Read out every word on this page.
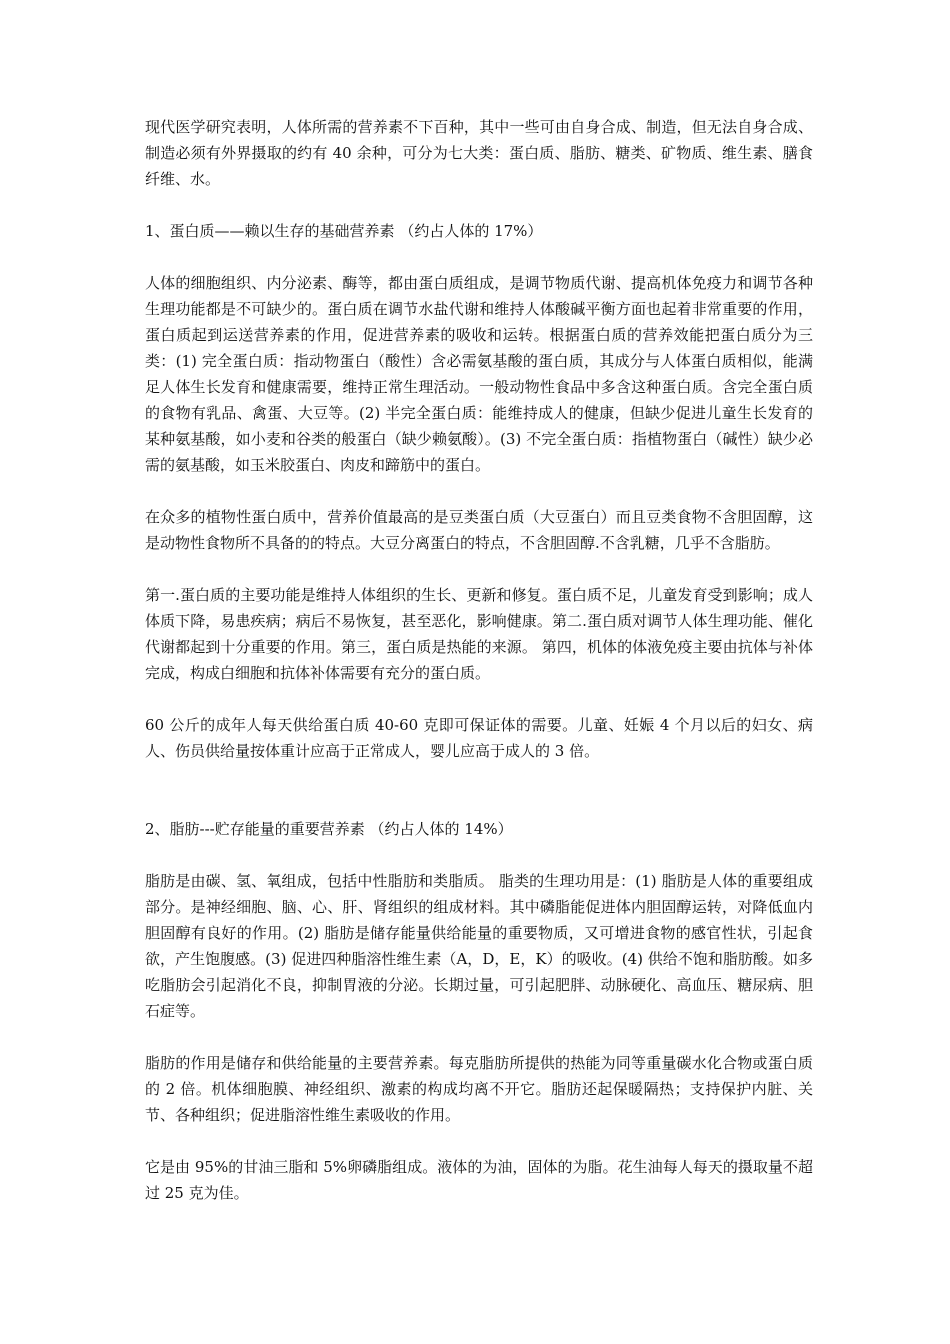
现代医学研究表明，人体所需的营养素不下百种，其中一些可由自身合成、制造，但无法自身合成、制造必须有外界摄取的约有 40 余种，可分为七大类：蛋白质、脂肪、糖类、矿物质、维生素、膳食纤维、水。

1、蛋白质——赖以生存的基础营养素 （约占人体的 17%）

人体的细胞组织、内分泌素、酶等，都由蛋白质组成，是调节物质代谢、提高机体免疫力和调节各种生理功能都是不可缺少的。蛋白质在调节水盐代谢和维持人体酸碱平衡方面也起着非常重要的作用，蛋白质起到运送营养素的作用，促进营养素的吸收和运转。根据蛋白质的营养效能把蛋白质分为三类：(1) 完全蛋白质：指动物蛋白（酸性）含必需氨基酸的蛋白质，其成分与人体蛋白质相似，能满足人体生长发育和健康需要，维持正常生理活动。一般动物性食品中多含这种蛋白质。含完全蛋白质的食物有乳品、禽蛋、大豆等。(2) 半完全蛋白质：能维持成人的健康，但缺少促进儿童生长发育的某种氨基酸，如小麦和谷类的般蛋白（缺少赖氨酸）。(3) 不完全蛋白质：指植物蛋白（碱性）缺少必需的氨基酸，如玉米胶蛋白、肉皮和蹄筋中的蛋白。

在众多的植物性蛋白质中，营养价值最高的是豆类蛋白质（大豆蛋白）而且豆类食物不含胆固醇，这是动物性食物所不具备的的特点。大豆分离蛋白的特点，不含胆固醇.不含乳糖，几乎不含脂肪。

第一.蛋白质的主要功能是维持人体组织的生长、更新和修复。蛋白质不足，儿童发育受到影响；成人体质下降，易患疾病；病后不易恢复，甚至恶化，影响健康。第二.蛋白质对调节人体生理功能、催化代谢都起到十分重要的作用。第三，蛋白质是热能的来源。 第四，机体的体液免疫主要由抗体与补体完成，构成白细胞和抗体补体需要有充分的蛋白质。

60 公斤的成年人每天供给蛋白质 40-60 克即可保证体的需要。儿童、妊娠 4 个月以后的妇女、病人、伤员供给量按体重计应高于正常成人，婴儿应高于成人的 3 倍。

2、脂肪---贮存能量的重要营养素 （约占人体的 14%）

脂肪是由碳、氢、氧组成，包括中性脂肪和类脂质。 脂类的生理功用是：(1) 脂肪是人体的重要组成部分。是神经细胞、脑、心、肝、肾组织的组成材料。其中磷脂能促进体内胆固醇运转，对降低血内胆固醇有良好的作用。(2) 脂肪是储存能量供给能量的重要物质，又可增进食物的感官性状，引起食欲，产生饱腹感。(3) 促进四种脂溶性维生素（A，D，E，K）的吸收。(4) 供给不饱和脂肪酸。如多吃脂肪会引起消化不良，抑制胃液的分泌。长期过量，可引起肥胖、动脉硬化、高血压、糖尿病、胆石症等。

脂肪的作用是储存和供给能量的主要营养素。每克脂肪所提供的热能为同等重量碳水化合物或蛋白质的 2 倍。机体细胞膜、神经组织、激素的构成均离不开它。脂肪还起保暖隔热；支持保护内脏、关节、各种组织；促进脂溶性维生素吸收的作用。

它是由 95%的甘油三脂和 5%卵磷脂组成。液体的为油，固体的为脂。花生油每人每天的摄取量不超过 25 克为佳。
